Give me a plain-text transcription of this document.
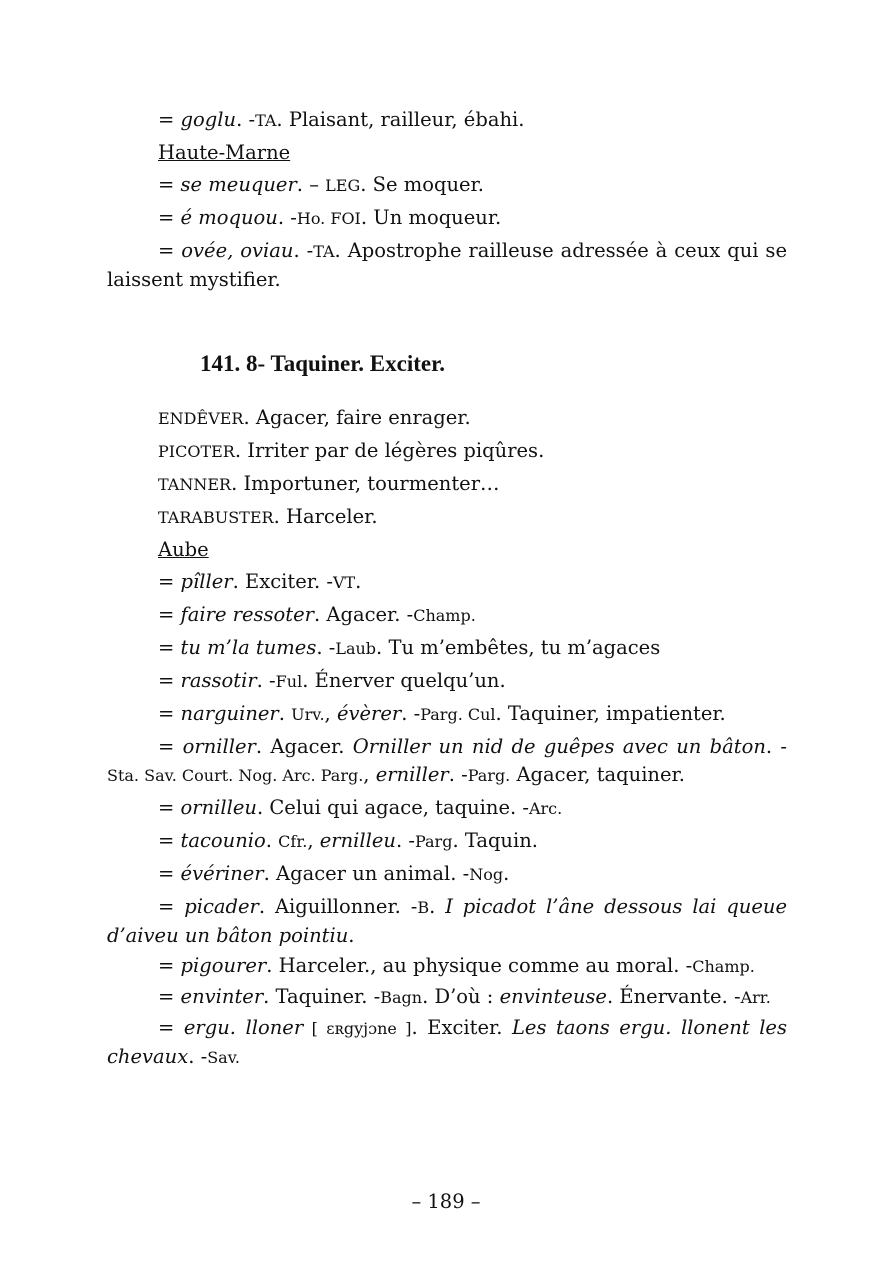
= goglu. -TA. Plaisant, railleur, ébahi.
Haute-Marne
= se meuquer. – LEG. Se moquer.
= é moquou. -Ho. FOI. Un moqueur.
= ovée, oviau. -TA. Apostrophe railleuse adressée à ceux qui se laissent mystifier.
141. 8- Taquiner. Exciter.
ENDÊVER. Agacer, faire enrager.
PICOTER. Irriter par de légères piqûres.
TANNER. Importuner, tourmenter…
TARABUSTER. Harceler.
Aube
= pîller. Exciter. -VT.
= faire ressoter. Agacer. -Champ.
= tu m’la tumes. -Laub. Tu m’embêtes, tu m’agaces
= rassotir. -Ful. Énerver quelqu’un.
= narguiner. Urv., évèrer. -Parg. Cul. Taquiner, impatienter.
= orniller. Agacer. Orniller un nid de guêpes avec un bâton. -Sta. Sav. Court. Nog. Arc. Parg., erniller. -Parg. Agacer, taquiner.
= ornilleu. Celui qui agace, taquine. -Arc.
= tacounio. Cfr., ernilleu. -Parg. Taquin.
= évériner. Agacer un animal. -Nog.
= picader. Aiguillonner. -B. I picadot l’âne dessous lai queue d’aiveu un bâton pointiu.
= pigourer. Harceler., au physique comme au moral. -Champ.
= envinter. Taquiner. -Bagn. D’où : envinteuse. Énervante. -Arr.
= ergu. lloner [ ɛʀgyjɔne ]. Exciter. Les taons ergu. llonent les chevaux. -Sav.
– 189 –
